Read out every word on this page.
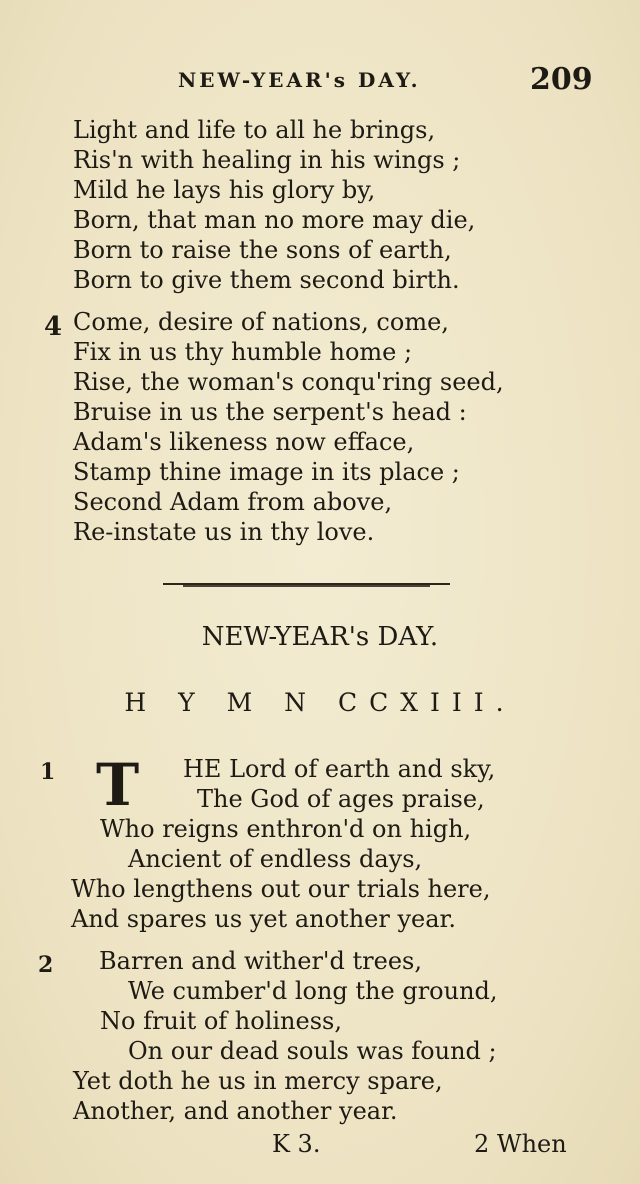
NEW-YEAR's DAY.	209
Light and life to all he brings,
Ris'n with healing in his wings ;
Mild he lays his glory by,
Born, that man no more may die,
Born to raise the sons of earth,
Born to give them second birth.
4 Come, desire of nations, come,
Fix in us thy humble home ;
Rise, the woman's conqu'ring seed,
Bruise in us the serpent's head :
Adam's likeness now efface,
Stamp thine image in its place ;
Second Adam from above,
Re-instate us in thy love.
NEW-YEAR's DAY.
H Y M N CCXIII.
1 T HE Lord of earth and sky,
The God of ages praise,
Who reigns enthron'd on high,
Ancient of endless days,
Who lengthens out our trials here,
And spares us yet another year.
2 Barren and wither'd trees,
We cumber'd long the ground,
No fruit of holiness,
On our dead souls was found ;
Yet doth he us in mercy spare,
Another, and another year.
K 3.	2 When
